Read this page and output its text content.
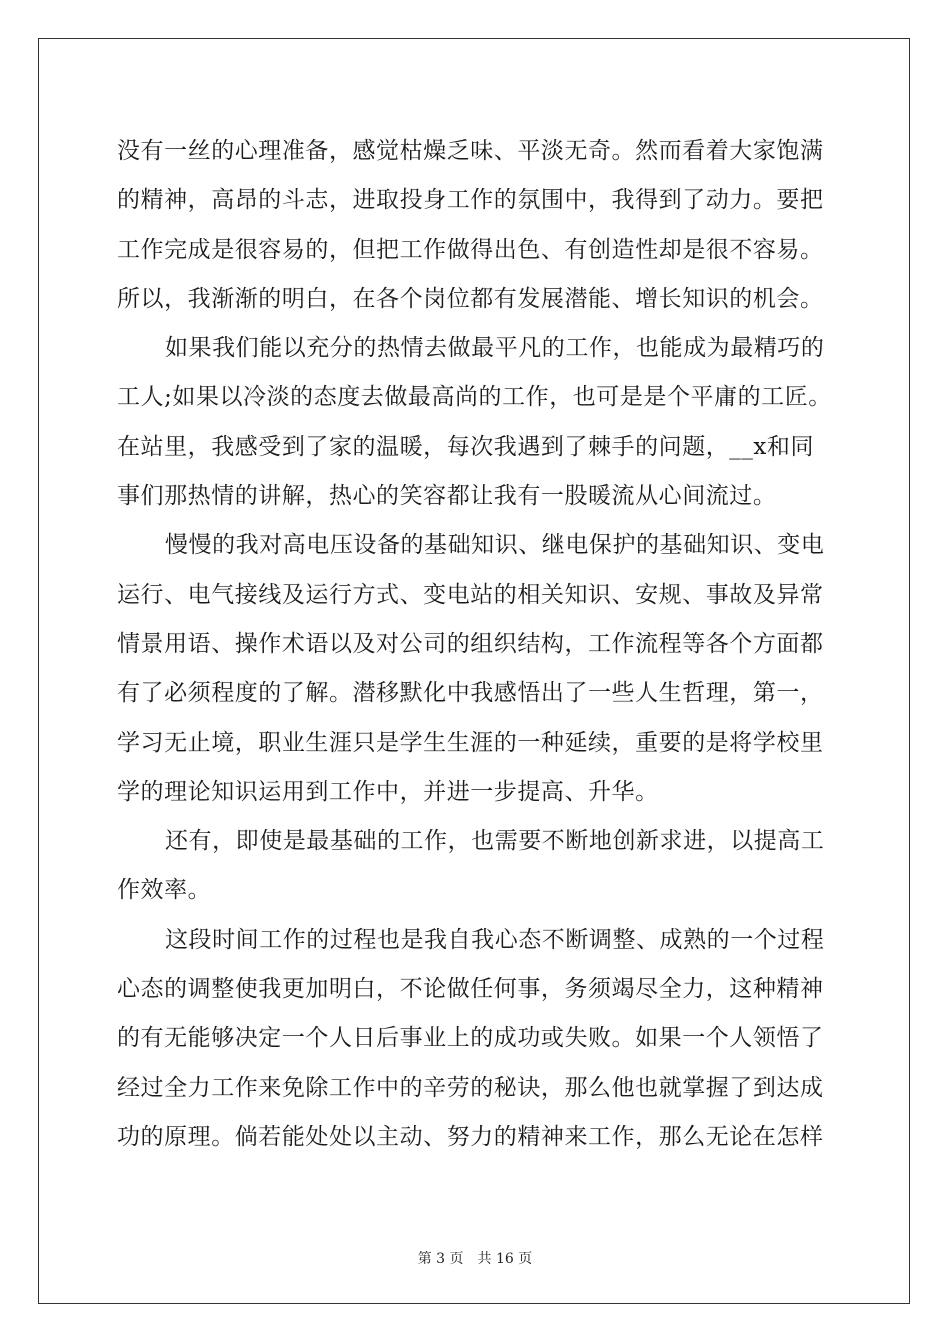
没有一丝的心理准备，感觉枯燥乏味、平淡无奇。然而看着大家饱满
的精神，高昂的斗志，进取投身工作的氛围中，我得到了动力。要把
工作完成是很容易的，但把工作做得出色、有创造性却是很不容易。
所以，我渐渐的明白，在各个岗位都有发展潜能、增长知识的机会。
如果我们能以充分的热情去做最平凡的工作，也能成为最精巧的
工人;如果以冷淡的态度去做最高尚的工作，也可是是个平庸的工匠。
在站里，我感受到了家的温暖，每次我遇到了棘手的问题，__x和同
事们那热情的讲解，热心的笑容都让我有一股暖流从心间流过。
慢慢的我对高电压设备的基础知识、继电保护的基础知识、变电
运行、电气接线及运行方式、变电站的相关知识、安规、事故及异常
情景用语、操作术语以及对公司的组织结构，工作流程等各个方面都
有了必须程度的了解。潜移默化中我感悟出了一些人生哲理，第一，
学习无止境，职业生涯只是学生生涯的一种延续，重要的是将学校里
学的理论知识运用到工作中，并进一步提高、升华。
还有，即使是最基础的工作，也需要不断地创新求进，以提高工
作效率。
这段时间工作的过程也是我自我心态不断调整、成熟的一个过程
心态的调整使我更加明白，不论做任何事，务须竭尽全力，这种精神
的有无能够决定一个人日后事业上的成功或失败。如果一个人领悟了
经过全力工作来免除工作中的辛劳的秘诀，那么他也就掌握了到达成
功的原理。倘若能处处以主动、努力的精神来工作，那么无论在怎样
第 3 页 共 16 页
